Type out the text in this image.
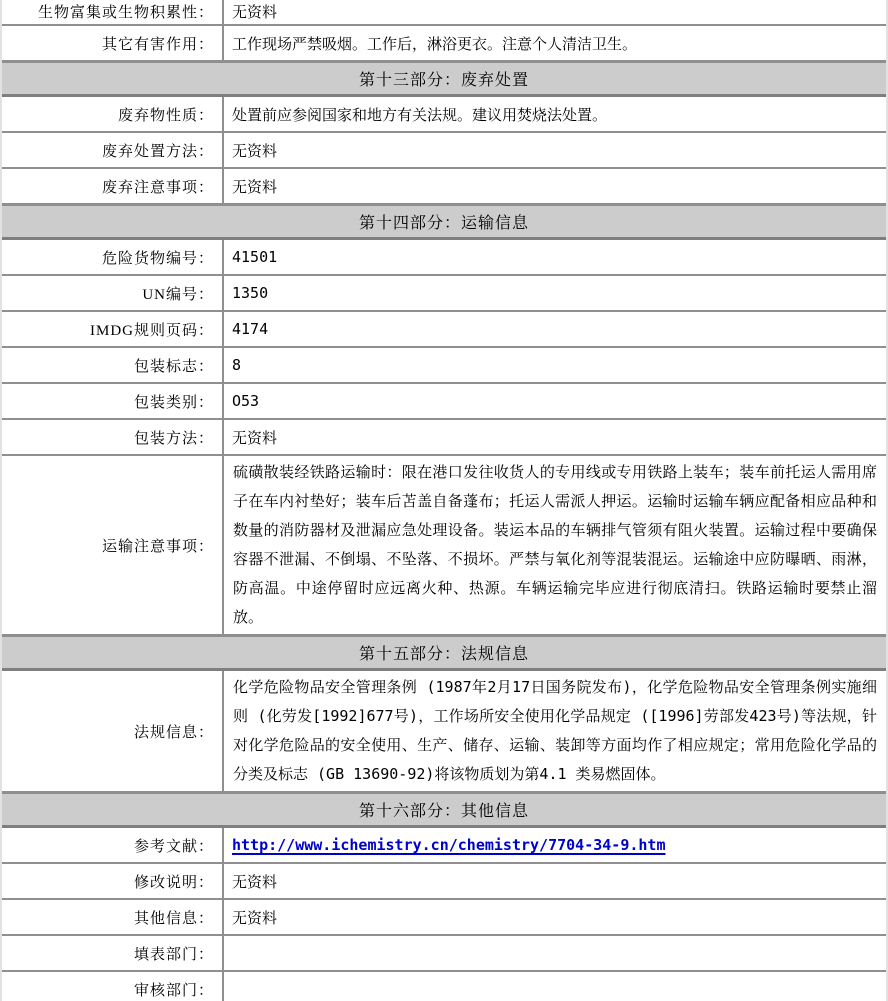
生物富集或生物积累性： 无资料
其它有害作用： 工作现场严禁吸烟。工作后，淋浴更衣。注意个人清洁卫生。
第十三部分：废弃处置
废弃物性质： 处置前应参阅国家和地方有关法规。建议用焚烧法处置。
废弃处置方法： 无资料
废弃注意事项： 无资料
第十四部分：运输信息
危险货物编号： 41501
UN编号： 1350
IMDG规则页码： 4174
包装标志： 8
包装类别： O53
包装方法： 无资料
运输注意事项：
硫磺散装经铁路运输时：限在港口发往收货人的专用线或专用铁路上装车；装车前托运人需用席子在车内衬垫好；装车后苫盖自备蓬布；托运人需派人押运。运输时运输车辆应配备相应品种和数量的消防器材及泄漏应急处理设备。装运本品的车辆排气管须有阻火装置。运输过程中要确保容器不泄漏、不倒塌、不坠落、不损坏。严禁与氧化剂等混装混运。运输途中应防曝晒、雨淋，防高温。中途停留时应远离火种、热源。车辆运输完毕应进行彻底清扫。铁路运输时要禁止溜放。
第十五部分：法规信息
法规信息：
化学危险物品安全管理条例 (1987年2月17日国务院发布)，化学危险物品安全管理条例实施细则 (化劳发[1992]677号)，工作场所安全使用化学品规定 ([1996]劳部发423号)等法规，针对化学危险品的安全使用、生产、储存、运输、装卸等方面均作了相应规定；常用危险化学品的分类及标志 (GB 13690-92)将该物质划为第4.1 类易燃固体。
第十六部分：其他信息
参考文献： http://www.ichemistry.cn/chemistry/7704-34-9.htm
修改说明： 无资料
其他信息： 无资料
填表部门：
审核部门：
